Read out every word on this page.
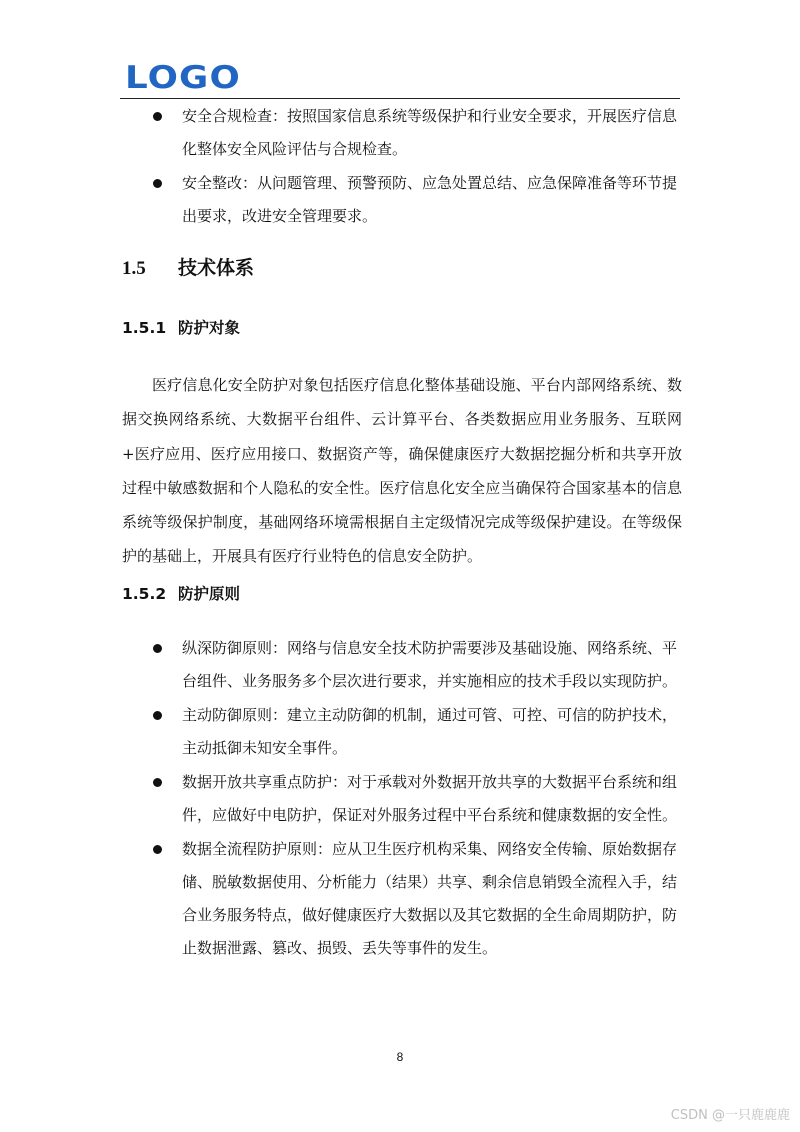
LOGO
安全合规检查：按照国家信息系统等级保护和行业安全要求，开展医疗信息化整体安全风险评估与合规检查。
安全整改：从问题管理、预警预防、应急处置总结、应急保障准备等环节提出要求，改进安全管理要求。
1.5 技术体系
1.5.1 防护对象

医疗信息化安全防护对象包括医疗信息化整体基础设施、平台内部网络系统、数据交换网络系统、大数据平台组件、云计算平台、各类数据应用业务服务、互联网+医疗应用、医疗应用接口、数据资产等，确保健康医疗大数据挖掘分析和共享开放过程中敏感数据和个人隐私的安全性。医疗信息化安全应当确保符合国家基本的信息系统等级保护制度，基础网络环境需根据自主定级情况完成等级保护建设。在等级保护的基础上，开展具有医疗行业特色的信息安全防护。

1.5.2 防护原则
纵深防御原则：网络与信息安全技术防护需要涉及基础设施、网络系统、平台组件、业务服务多个层次进行要求，并实施相应的技术手段以实现防护。
主动防御原则：建立主动防御的机制，通过可管、可控、可信的防护技术，主动抵御未知安全事件。
数据开放共享重点防护：对于承载对外数据开放共享的大数据平台系统和组件，应做好中电防护，保证对外服务过程中平台系统和健康数据的安全性。
数据全流程防护原则：应从卫生医疗机构采集、网络安全传输、原始数据存储、脱敏数据使用、分析能力（结果）共享、剩余信息销毁全流程入手，结合业务服务特点，做好健康医疗大数据以及其它数据的全生命周期防护，防止数据泄露、篡改、损毁、丢失等事件的发生。
8
CSDN @一只鹿鹿鹿
